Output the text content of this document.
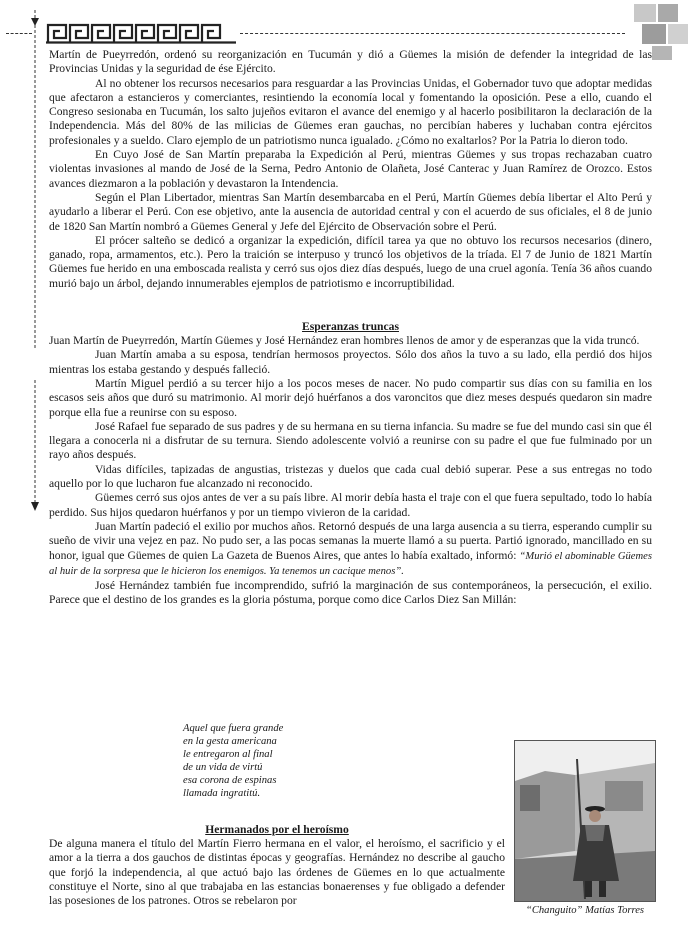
Martín de Pueyrredón, ordenó su reorganización en Tucumán y dió a Güemes la misión de defender la integridad de las Provincias Unidas y la seguridad de ése Ejército.

Al no obtener los recursos necesarios para resguardar a las Provincias Unidas, el Gobernador tuvo que adoptar medidas que afectaron a estancieros y comerciantes, resintiendo la economía local y fomentando la oposición. Pese a ello, cuando el Congreso sesionaba en Tucumán, los salto jujeños evitaron el avance del enemigo y al hacerlo posibilitaron la declaración de la Independencia. Más del 80% de las milicias de Güemes eran gauchas, no percibían haberes y luchaban contra ejércitos profesionales y a sueldo. Claro ejemplo de un patriotismo nunca igualado. ¿Cómo no exaltarlos? Por la Patria lo dieron todo.

En Cuyo José de San Martín preparaba la Expedición al Perú, mientras Güemes y sus tropas rechazaban cuatro violentas invasiones al mando de José de la Serna, Pedro Antonio de Olañeta, José Canterac y Juan Ramírez de Orozco. Estos avances diezmaron a la población y devastaron la Intendencia.

Según el Plan Libertador, mientras San Martín desembarcaba en el Perú, Martín Güemes debía libertar el Alto Perú y ayudarlo a liberar el Perú. Con ese objetivo, ante la ausencia de autoridad central y con el acuerdo de sus oficiales, el 8 de junio de 1820 San Martín nombró a Güemes General y Jefe del Ejército de Observación sobre el Perú.

El prócer salteño se dedicó a organizar la expedición, difícil tarea ya que no obtuvo los recursos necesarios (dinero, ganado, ropa, armamentos, etc.). Pero la traición se interpuso y truncó los objetivos de la tríada. El 7 de Junio de 1821 Martín Güemes fue herido en una emboscada realista y cerró sus ojos diez días después, luego de una cruel agonía. Tenía 36 años cuando murió bajo un árbol, dejando innumerables ejemplos de patriotismo e incorruptibilidad.

Esperanzas truncas

Juan Martín de Pueyrredón, Martín Güemes y José Hernández eran hombres llenos de amor y de esperanzas que la vida truncó.

Juan Martín amaba a su esposa, tendrían hermosos proyectos. Sólo dos años la tuvo a su lado, ella perdió dos hijos mientras los estaba gestando y después falleció.

Martín Miguel perdió a su tercer hijo a los pocos meses de nacer. No pudo compartir sus días con su familia en los escasos seis años que duró su matrimonio. Al morir dejó huérfanos a dos varoncitos que diez meses después quedaron sin madre porque ella fue a reunirse con su esposo.

José Rafael fue separado de sus padres y de su hermana en su tierna infancia. Su madre se fue del mundo casi sin que él llegara a conocerla ni a disfrutar de su ternura. Siendo adolescente volvió a reunirse con su padre el que fue fulminado por un rayo años después.

Vidas difíciles, tapizadas de angustias, tristezas y duelos que cada cual debió superar. Pese a sus entregas no todo aquello por lo que lucharon fue alcanzado ni reconocido.

Güemes cerró sus ojos antes de ver a su país libre. Al morir debía hasta el traje con el que fuera sepultado, todo lo había perdido. Sus hijos quedaron huérfanos y por un tiempo vivieron de la caridad.

Juan Martín padeció el exilio por muchos años. Retornó después de una larga ausencia a su tierra, esperando cumplir su sueño de vivir una vejez en paz. No pudo ser, a las pocas semanas la muerte llamó a su puerta. Partió ignorado, mancillado en su honor, igual que Güemes de quien La Gazeta de Buenos Aires, que antes lo había exaltado, informó: “Murió el abominable Güemes al huir de la sorpresa que le hicieron los enemigos. Ya tenemos un cacique menos”.

José Hernández también fue incomprendido, sufrió la marginación de sus contemporáneos, la persecución, el exilio. Parece que el destino de los grandes es la gloria póstuma, porque como dice Carlos Diez San Millán:

Aquel que fuera grande
en la gesta americana
le entregaron al final
de un vida de virtú
esa corona de espinas
llamada ingratitú.
Hermanados por el heroísmo

De alguna manera el título del Martín Fierro hermana en el valor, el heroísmo, el sacrificio y el amor a la tierra a dos gauchos de distintas épocas y geografías. Hernández no describe al gaucho que forjó la independencia, al que actuó bajo las órdenes de Güemes en lo que actualmente constituye el Norte, sino al que trabajaba en las estancias bonaerenses y fue obligado a defender las posesiones de los patrones. Otros se rebelaron por

“Changuito” Matías Torres
